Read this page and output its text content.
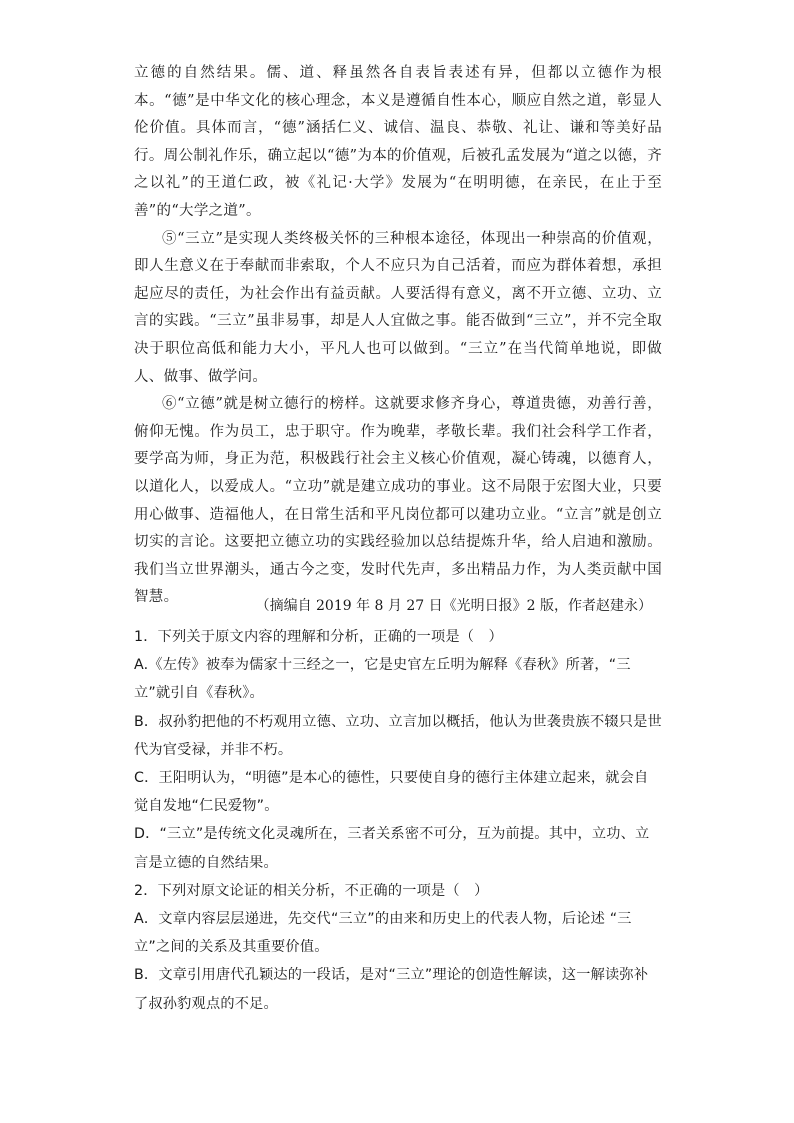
立德的自然结果。儒、道、释虽然各自表旨表述有异，但都以立德作为根本。“德”是中华文化的核心理念，本义是遵循自性本心，顺应自然之道，彰显人伦价值。具体而言，“德”涵括仁义、诚信、温良、恭敬、礼让、谦和等美好品行。周公制礼作乐，确立起以“德”为本的价值观，后被孔孟发展为“道之以德，齐之以礼”的王道仁政，被《礼记·大学》发展为“在明明德，在亲民，在止于至善”的“大学之道”。

⑤“三立”是实现人类终极关怀的三种根本途径，体现出一种崇高的价值观，即人生意义在于奉献而非索取，个人不应只为自己活着，而应为群体着想，承担起应尽的责任，为社会作出有益贡献。人要活得有意义，离不开立德、立功、立言的实践。“三立”虽非易事，却是人人宜做之事。能否做到“三立”，并不完全取决于职位高低和能力大小，平凡人也可以做到。“三立”在当代简单地说，即做人、做事、做学问。

⑥“立德”就是树立德行的榜样。这就要求修齐身心，尊道贵德，劝善行善，俯仰无愧。作为员工，忠于职守。作为晚辈，孝敬长辈。我们社会科学工作者，要学高为师，身正为范，积极践行社会主义核心价值观，凝心铸魂，以德育人，以道化人，以爱成人。“立功”就是建立成功的事业。这不局限于宏图大业，只要用心做事、造福他人，在日常生活和平凡岗位都可以建功立业。“立言”就是创立切实的言论。这要把立德立功的实践经验加以总结提炼升华，给人启迪和激励。我们当立世界潮头，通古今之变，发时代先声，多出精品力作，为人类贡献中国智慧。

（摘编自 2019 年 8 月 27 日《光明日报》2 版，作者赵建永）

1．下列关于原文内容的理解和分析，正确的一项是（　）

A.《左传》被奉为儒家十三经之一，它是史官左丘明为解释《春秋》所著，“三立”就引自《春秋》。

B．叔孙豹把他的不朽观用立德、立功、立言加以概括，他认为世袭贵族不辍只是世代为官受禄，并非不朽。

C．王阳明认为，“明德”是本心的德性，只要使自身的德行主体建立起来，就会自觉自发地“仁民爱物”。

D．“三立”是传统文化灵魂所在，三者关系密不可分，互为前提。其中，立功、立言是立德的自然结果。

2．下列对原文论证的相关分析，不正确的一项是（　）

A．文章内容层层递进，先交代“三立”的由来和历史上的代表人物，后论述 “三立”之间的关系及其重要价值。

B．文章引用唐代孔颖达的一段话，是对“三立”理论的创造性解读，这一解读弥补了叔孙豹观点的不足。
